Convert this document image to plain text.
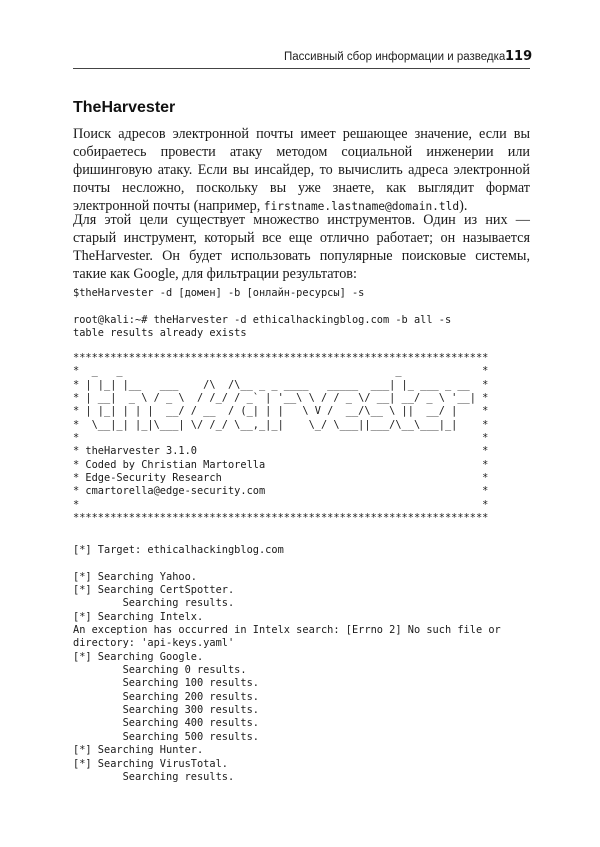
Пассивный сбор информации и разведка 119
TheHarvester

Поиск адресов электронной почты имеет решающее значение, если вы собираетесь провести атаку методом социальной инженерии или фишинговую атаку. Если вы инсайдер, то вычислить адреса электронной почты несложно, поскольку вы уже знаете, как выглядит формат электронной почты (например, firstname.lastname@domain.tld).

Для этой цели существует множество инструментов. Один из них — старый инструмент, который все еще отлично работает; он называется TheHarvester. Он будет использовать популярные поисковые системы, такие как Google, для фильтрации результатов:

$theHarvester -d [домен] -b [онлайн-ресурсы] -s
root@kali:~# theHarvester -d ethicalhackingblog.com -b all -s
table results already exists
*******************************************************************
*  _   _                                            _             *
* | |_| |__   ___    /\  /\__ _ _ ____   _____  ___| |_ ___ _ __  *
* | __|  _ \ / _ \  / /_/ / _` | '__\ \ / / _ \/ __| __/ _ \ '__| *
* | |_| | | |  __/ / __  / (_| | |   \ V /  __/\__ \ ||  __/ |    *
*  \__|_| |_|\___| \/ /_/ \__,_|_|    \_/ \___||___/\__\___|_|    *
*                                                                 *
* theHarvester 3.1.0                                              *
* Coded by Christian Martorella                                   *
* Edge-Security Research                                          *
* cmartorella@edge-security.com                                   *
*                                                                 *
*******************************************************************
[*] Target: ethicalhackingblog.com

[*] Searching Yahoo.
[*] Searching CertSpotter.
Searching results.
[*] Searching Intelx.
An exception has occurred in Intelx search: [Errno 2] No such file or
directory: 'api-keys.yaml'
[*] Searching Google.
Searching 0 results.
Searching 100 results.
Searching 200 results.
Searching 300 results.
Searching 400 results.
Searching 500 results.
[*] Searching Hunter.
[*] Searching VirusTotal.
Searching results.
